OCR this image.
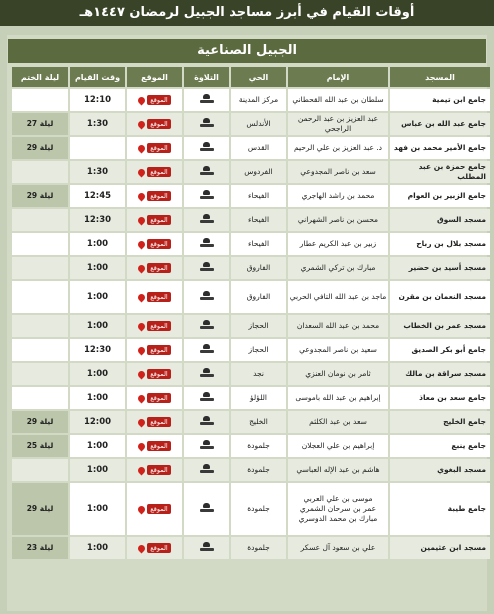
أوقات القيام في أبرز مساجد الجبيل لرمضان ١٤٤٧هـ
الجبيل الصناعية
المسجد	الإمام	الحي	التلاوة	الموقع	وقت القيام	ليلة الختم
جامع ابن تيمية	سلطان بن عبد الله القحطاني	مركز المدينة		الموقع	12:10	
جامع عبد الله بن عباس	عبد العزيز بن عبد الرحمن الراجحي	الأندلس		الموقع	1:30	ليلة 27
جامع الأمير محمد بن فهد	د. عبد العزيز بن علي الرحيم	القدس		الموقع		ليلة 29
جامع حمزة بن عبد المطلب	سعد بن ناصر المجدوعي	الفردوس		الموقع	1:30	
جامع الزبير بن العوام	محمد بن راشد الهاجري	الفيحاء		الموقع	12:45	ليلة 29
مسجد السوق	محسن بن ناصر الشهراني	الفيحاء		الموقع	12:30	
مسجد بلال بن رباح	زبير بن عبد الكريم عطار	الفيحاء		الموقع	1:00	
مسجد أسيد بن حضير	مبارك بن تركي الشمري	الفاروق		الموقع	1:00	
مسجد النعمان بن مقرن	ماجد بن عبد الله التافي الحربي	الفاروق		الموقع	1:00	
مسجد عمر بن الخطاب	محمد بن عبد الله السعدان	الحجاز		الموقع	1:00	
جامع أبو بكر الصديق	سعيد بن ناصر المجدوعي	الحجاز		الموقع	12:30	
مسجد سراقة بن مالك	ثامر بن نومان العنزي	نجد		الموقع	1:00	
جامع سعد بن معاذ	إبراهيم بن عبد الله باموسى	اللؤلؤ		الموقع	1:00	
جامع الخليج	سعد بن عبد الكلثم	الخليج		الموقع	12:00	ليلة 29
جامع ينبع	إبراهيم بن علي العجلان	جلمودة		الموقع	1:00	ليلة 25
مسجد البغوي	هاشم بن عبد الإله العباسي	جلمودة		الموقع	1:00	
جامع طيبة	موسى بن علي العربي
عمر بن سرحان الشمري
مبارك بن محمد الدوسري	جلمودة		الموقع	1:00	ليلة 29
مسجد ابن عثيمين	علي بن سعود آل عسكر	جلمودة		الموقع	1:00	ليلة 23
